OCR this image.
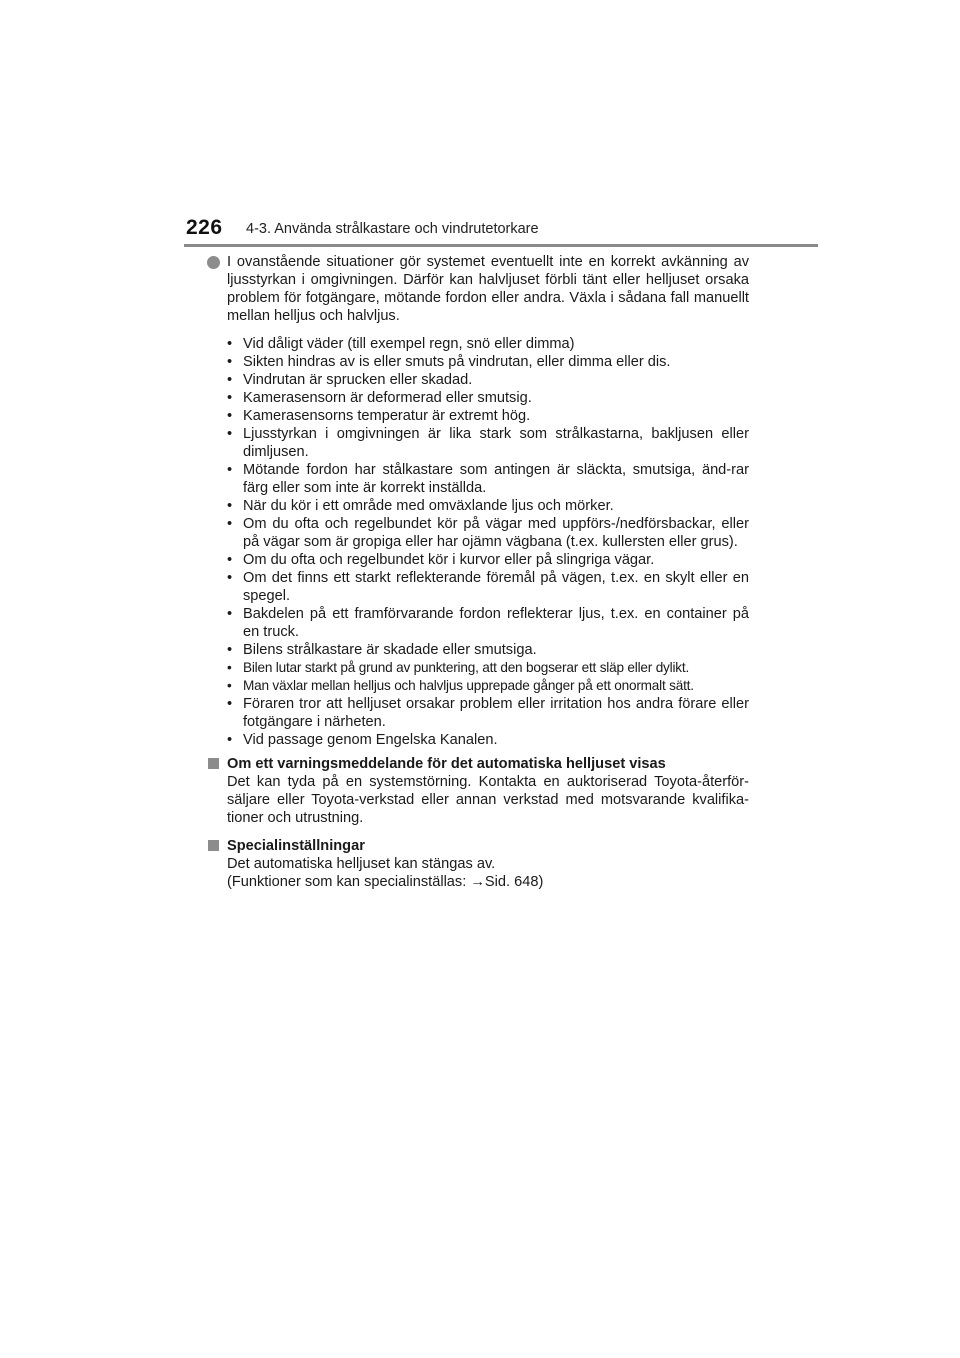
226 4-3. Använda strålkastare och vindrutetorkare
I ovanstående situationer gör systemet eventuellt inte en korrekt avkänning av ljusstyrkan i omgivningen. Därför kan halvljuset förbli tänt eller helljuset orsaka problem för fotgängare, mötande fordon eller andra. Växla i sådana fall manuellt mellan helljus och halvljus.
• Vid dåligt väder (till exempel regn, snö eller dimma)
• Sikten hindras av is eller smuts på vindrutan, eller dimma eller dis.
• Vindrutan är sprucken eller skadad.
• Kamerasensorn är deformerad eller smutsig.
• Kamerasensorns temperatur är extremt hög.
• Ljusstyrkan i omgivningen är lika stark som strålkastarna, bakljusen eller dimljusen.
• Mötande fordon har stålkastare som antingen är släckta, smutsiga, änd-rar färg eller som inte är korrekt inställda.
• När du kör i ett område med omväxlande ljus och mörker.
• Om du ofta och regelbundet kör på vägar med uppförs-/nedförsbackar, eller på vägar som är gropiga eller har ojämn vägbana (t.ex. kullersten eller grus).
• Om du ofta och regelbundet kör i kurvor eller på slingriga vägar.
• Om det finns ett starkt reflekterande föremål på vägen, t.ex. en skylt eller en spegel.
• Bakdelen på ett framförvarande fordon reflekterar ljus, t.ex. en container på en truck.
• Bilens strålkastare är skadade eller smutsiga.
• Bilen lutar starkt på grund av punktering, att den bogserar ett släp eller dylikt.
• Man växlar mellan helljus och halvljus upprepade gånger på ett onormalt sätt.
• Föraren tror att helljuset orsakar problem eller irritation hos andra förare eller fotgängare i närheten.
• Vid passage genom Engelska Kanalen.
Om ett varningsmeddelande för det automatiska helljuset visas
Det kan tyda på en systemstörning. Kontakta en auktoriserad Toyota-återför-säljare eller Toyota-verkstad eller annan verkstad med motsvarande kvalifika-tioner och utrustning.
Specialinställningar
Det automatiska helljuset kan stängas av.
(Funktioner som kan specialinställas: →Sid. 648)
